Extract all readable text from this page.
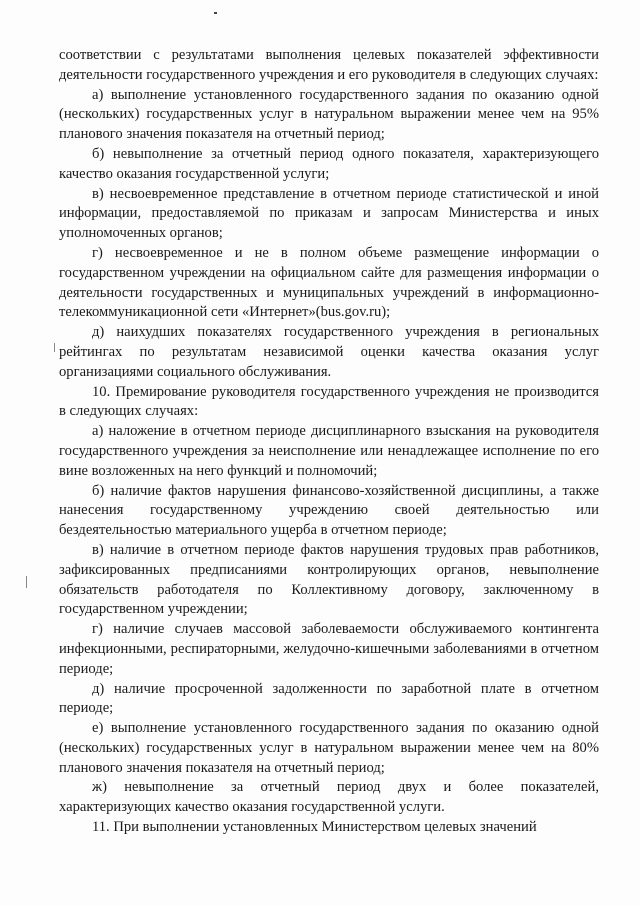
соответствии с результатами выполнения целевых показателей эффективности деятельности государственного учреждения и его руководителя в следующих случаях:

а) выполнение установленного государственного задания по оказанию одной (нескольких) государственных услуг в натуральном выражении менее чем на 95% планового значения показателя на отчетный период;

б) невыполнение за отчетный период одного показателя, характеризующего качество оказания государственной услуги;

в) несвоевременное представление в отчетном периоде статистической и иной информации, предоставляемой по приказам и запросам Министерства и иных уполномоченных органов;

г) несвоевременное и не в полном объеме размещение информации о государственном учреждении на официальном сайте для размещения информации о деятельности государственных и муниципальных учреждений в информационно-телекоммуникационной сети «Интернет»(bus.gov.ru);

д) наихудших показателях государственного учреждения в региональных рейтингах по результатам независимой оценки качества оказания услуг организациями социального обслуживания.

10. Премирование руководителя государственного учреждения не производится в следующих случаях:

а) наложение в отчетном периоде дисциплинарного взыскания на руководителя государственного учреждения за неисполнение или ненадлежащее исполнение по его вине возложенных на него функций и полномочий;

б) наличие фактов нарушения финансово-хозяйственной дисциплины, а также нанесения государственному учреждению своей деятельностью или бездеятельностью материального ущерба в отчетном периоде;

в) наличие в отчетном периоде фактов нарушения трудовых прав работников, зафиксированных предписаниями контролирующих органов, невыполнение обязательств работодателя по Коллективному договору, заключенному в государственном учреждении;

г) наличие случаев массовой заболеваемости обслуживаемого контингента инфекционными, респираторными, желудочно-кишечными заболеваниями в отчетном периоде;

д) наличие просроченной задолженности по заработной плате в отчетном периоде;

е) выполнение установленного государственного задания по оказанию одной (нескольких) государственных услуг в натуральном выражении менее чем на 80% планового значения показателя на отчетный период;

ж) невыполнение за отчетный период двух и более показателей, характеризующих качество оказания государственной услуги.

11. При выполнении установленных Министерством целевых значений
